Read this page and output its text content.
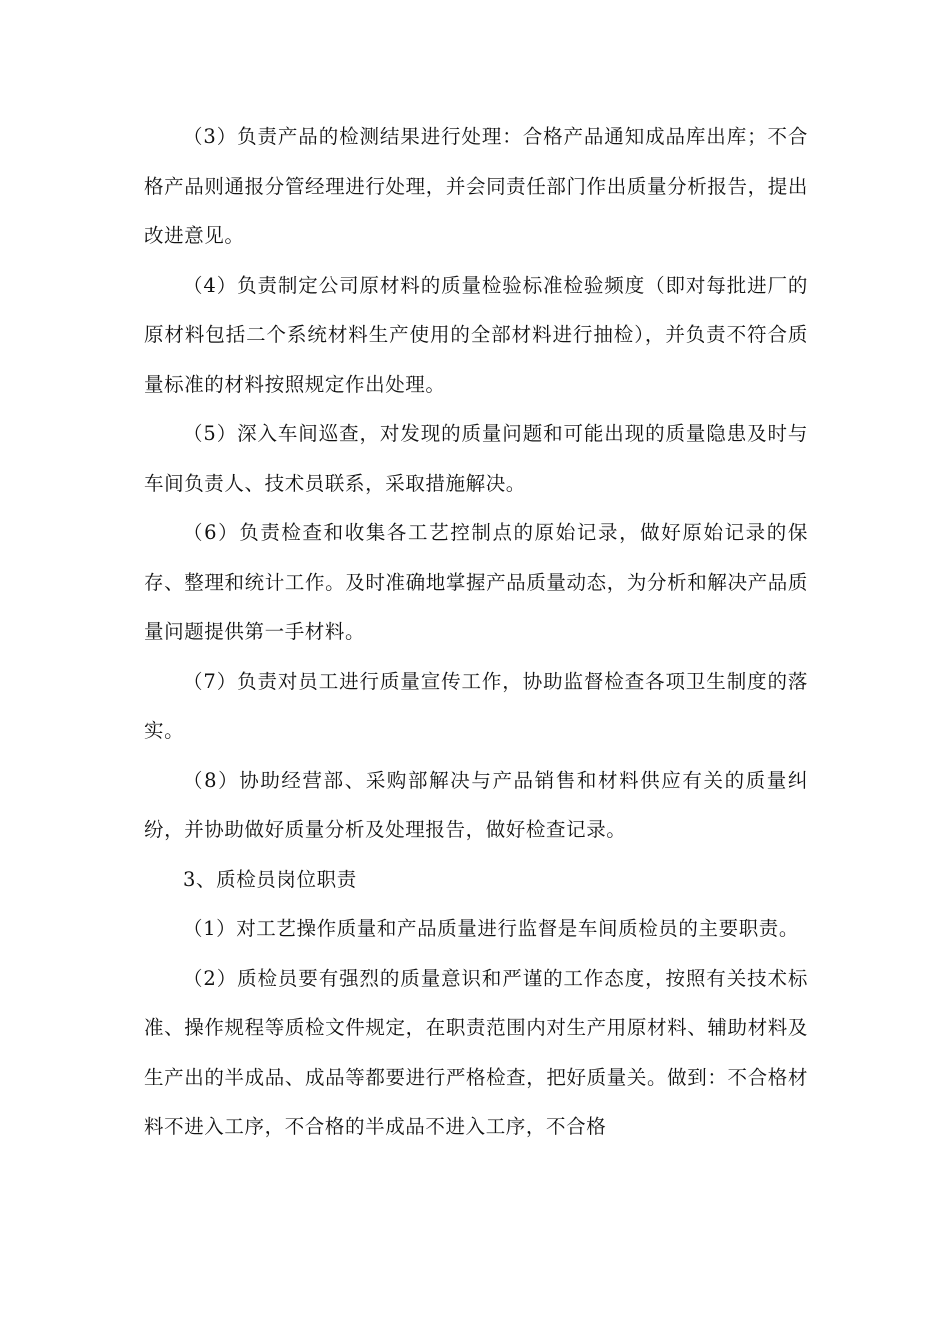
（3）负责产品的检测结果进行处理：合格产品通知成品库出库；不合格产品则通报分管经理进行处理，并会同责任部门作出质量分析报告，提出改进意见。

（4）负责制定公司原材料的质量检验标准检验频度（即对每批进厂的原材料包括二个系统材料生产使用的全部材料进行抽检），并负责不符合质量标准的材料按照规定作出处理。

（5）深入车间巡查，对发现的质量问题和可能出现的质量隐患及时与车间负责人、技术员联系，采取措施解决。

（6）负责检查和收集各工艺控制点的原始记录，做好原始记录的保存、整理和统计工作。及时准确地掌握产品质量动态，为分析和解决产品质量问题提供第一手材料。

（7）负责对员工进行质量宣传工作，协助监督检查各项卫生制度的落实。

（8）协助经营部、采购部解决与产品销售和材料供应有关的质量纠纷，并协助做好质量分析及处理报告，做好检查记录。

3、质检员岗位职责

（1）对工艺操作质量和产品质量进行监督是车间质检员的主要职责。

（2）质检员要有强烈的质量意识和严谨的工作态度，按照有关技术标准、操作规程等质检文件规定，在职责范围内对生产用原材料、辅助材料及生产出的半成品、成品等都要进行严格检查，把好质量关。做到：不合格材料不进入工序，不合格的半成品不进入工序，不合格
